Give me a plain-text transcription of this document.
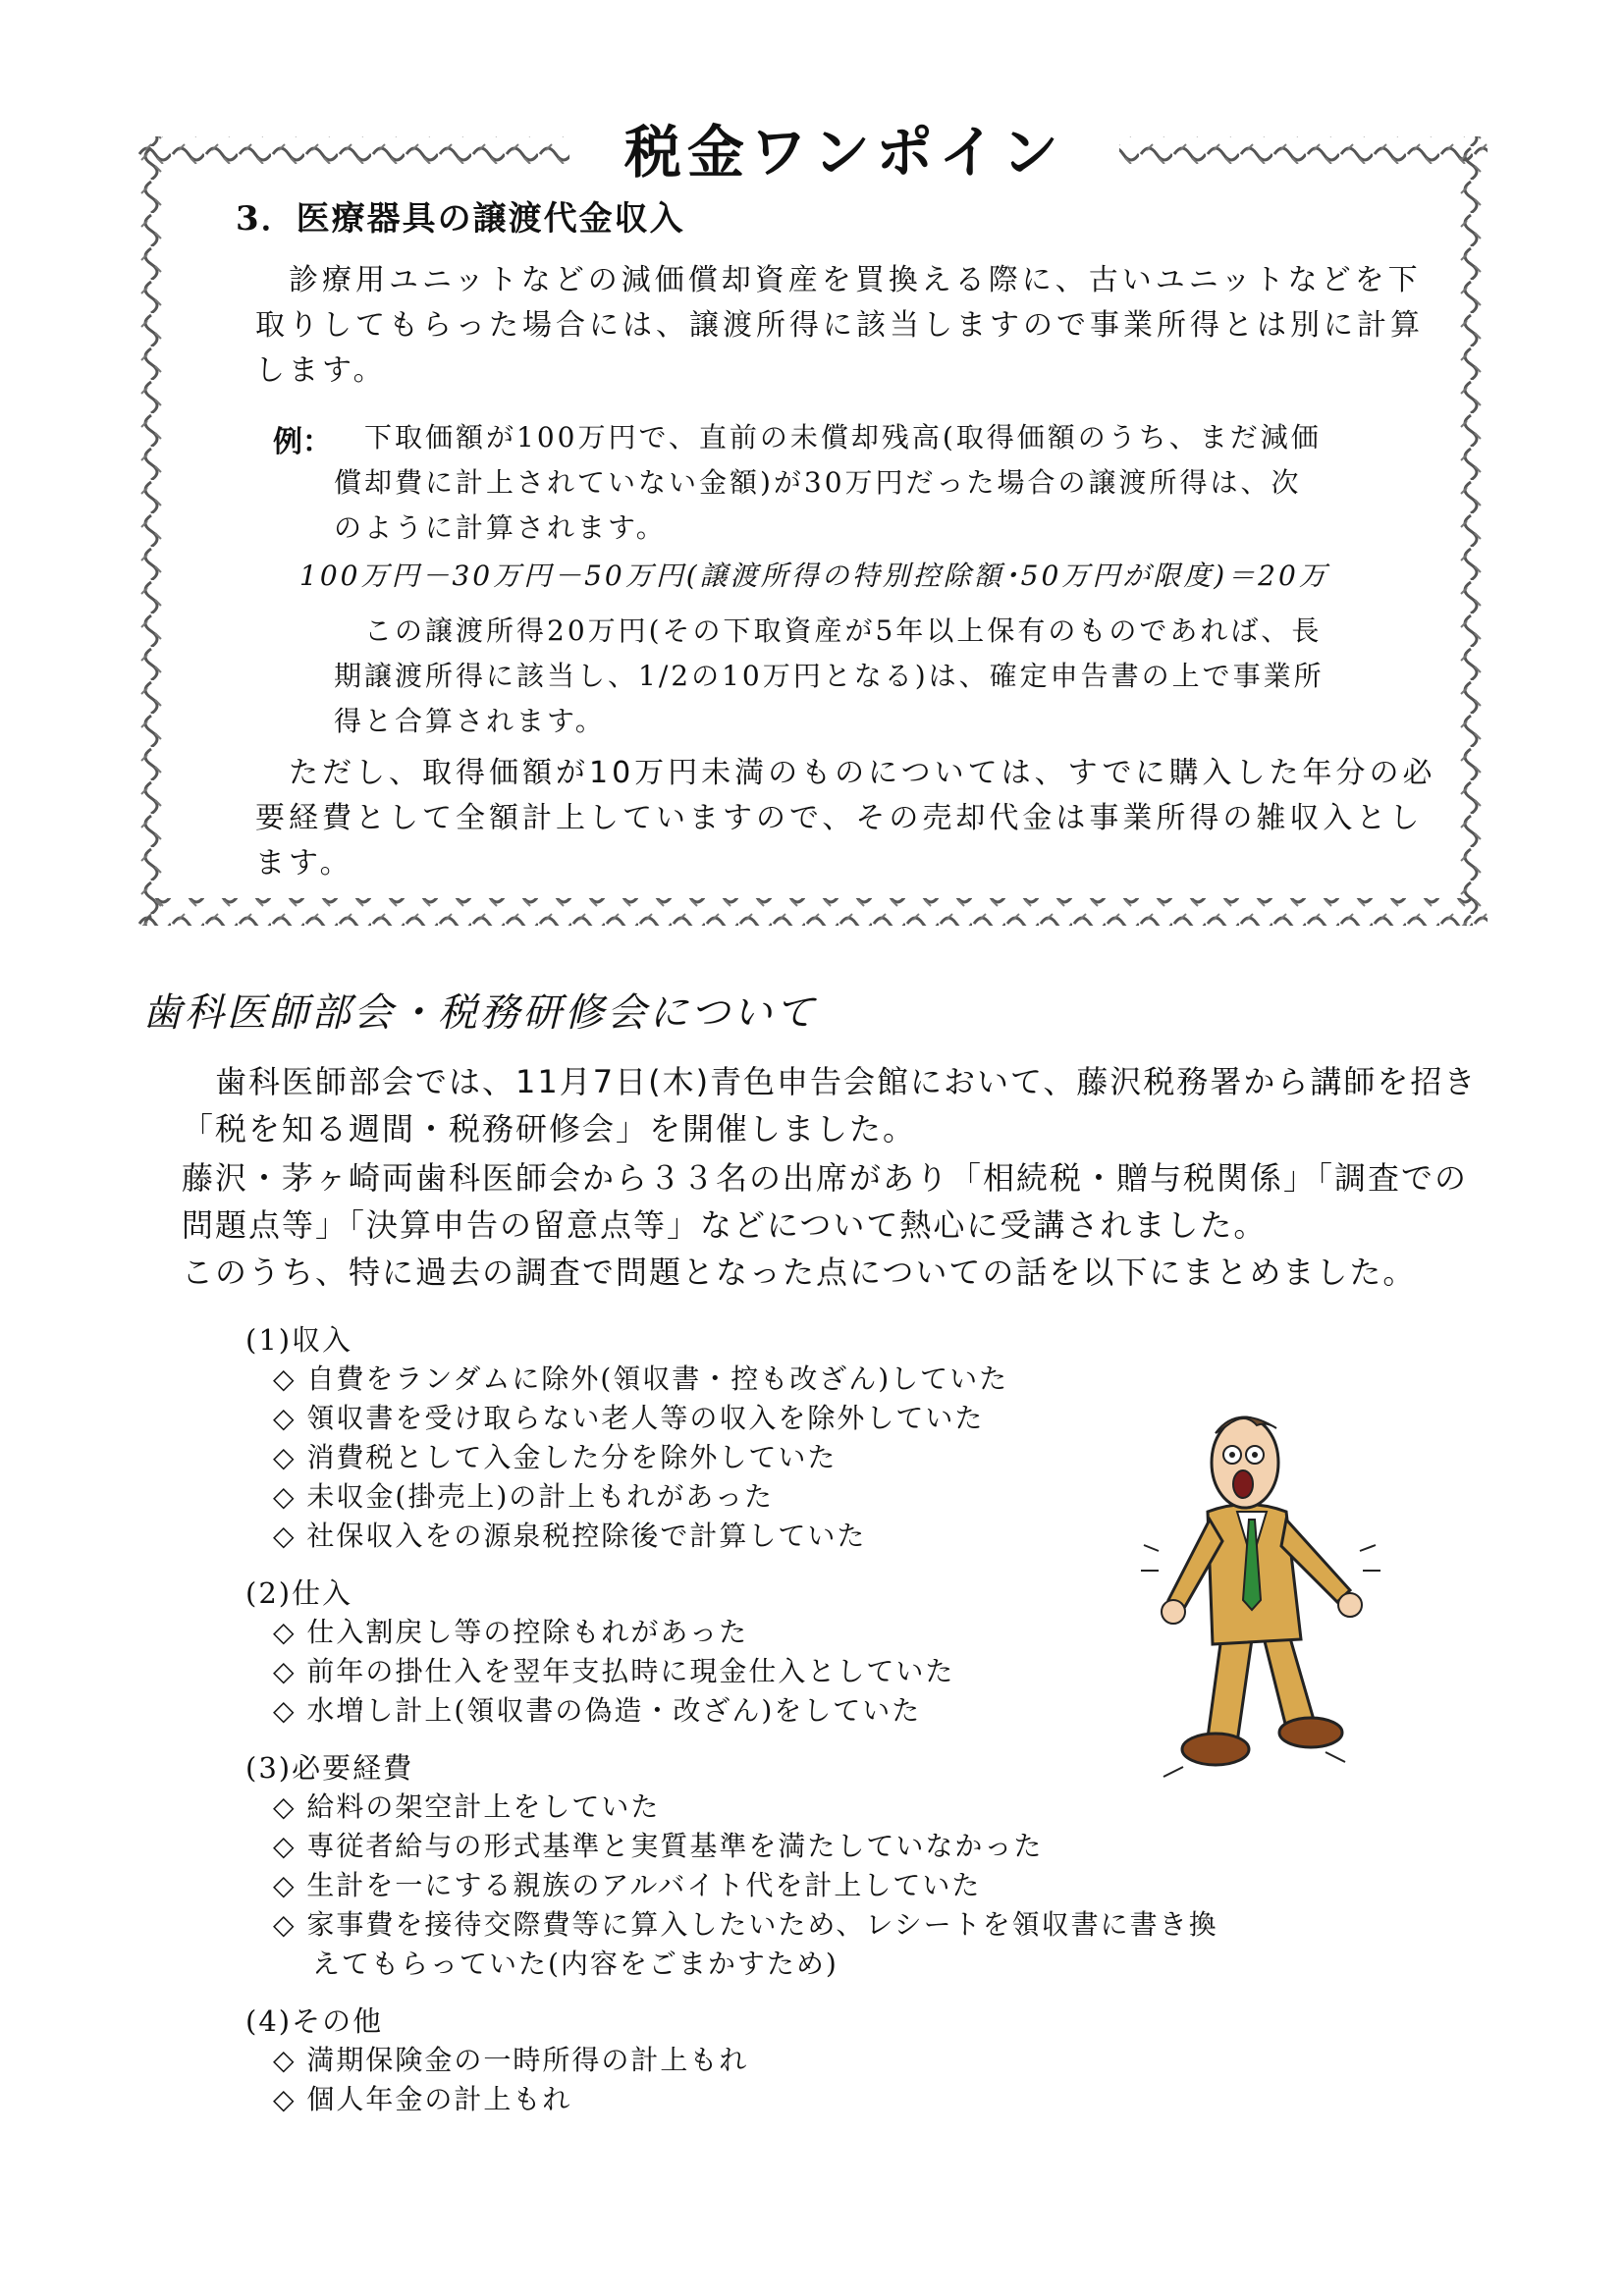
税金ワンポイン
3．医療器具の譲渡代金収入
　診療用ユニットなどの減価償却資産を買換える際に、古いユニットなどを下取りしてもらった場合には、譲渡所得に該当しますので事業所得とは別に計算します。
例： 　下取価額が100万円で、直前の未償却残高(取得価額のうち、まだ減価償却費に計上されていない金額)が30万円だった場合の譲渡所得は、次のように計算されます。
100万円－30万円－50万円(譲渡所得の特別控除額･50万円が限度)＝20万
　この譲渡所得20万円(その下取資産が5年以上保有のものであれば、長期譲渡所得に該当し、1/2の10万円となる)は、確定申告書の上で事業所得と合算されます。
　ただし、取得価額が10万円未満のものについては、すでに購入した年分の必要経費として全額計上していますので、その売却代金は事業所得の雑収入とします。
歯科医師部会・税務研修会について
　歯科医師部会では、11月7日(木)青色申告会館において、藤沢税務署から講師を招き「税を知る週間・税務研修会」を開催しました。
藤沢・茅ヶ崎両歯科医師会から３３名の出席があり「相続税・贈与税関係」「調査での問題点等」「決算申告の留意点等」などについて熱心に受講されました。
このうち、特に過去の調査で問題となった点についての話を以下にまとめました。
(1)収入
◇ 自費をランダムに除外(領収書・控も改ざん)していた
◇ 領収書を受け取らない老人等の収入を除外していた
◇ 消費税として入金した分を除外していた
◇ 未収金(掛売上)の計上もれがあった
◇ 社保収入をの源泉税控除後で計算していた
(2)仕入
◇ 仕入割戻し等の控除もれがあった
◇ 前年の掛仕入を翌年支払時に現金仕入としていた
◇ 水増し計上(領収書の偽造・改ざん)をしていた
(3)必要経費
◇ 給料の架空計上をしていた
◇ 専従者給与の形式基準と実質基準を満たしていなかった
◇ 生計を一にする親族のアルバイト代を計上していた
◇ 家事費を接待交際費等に算入したいため、レシートを領収書に書き換えてもらっていた(内容をごまかすため)
(4)その他
◇ 満期保険金の一時所得の計上もれ
◇ 個人年金の計上もれ
